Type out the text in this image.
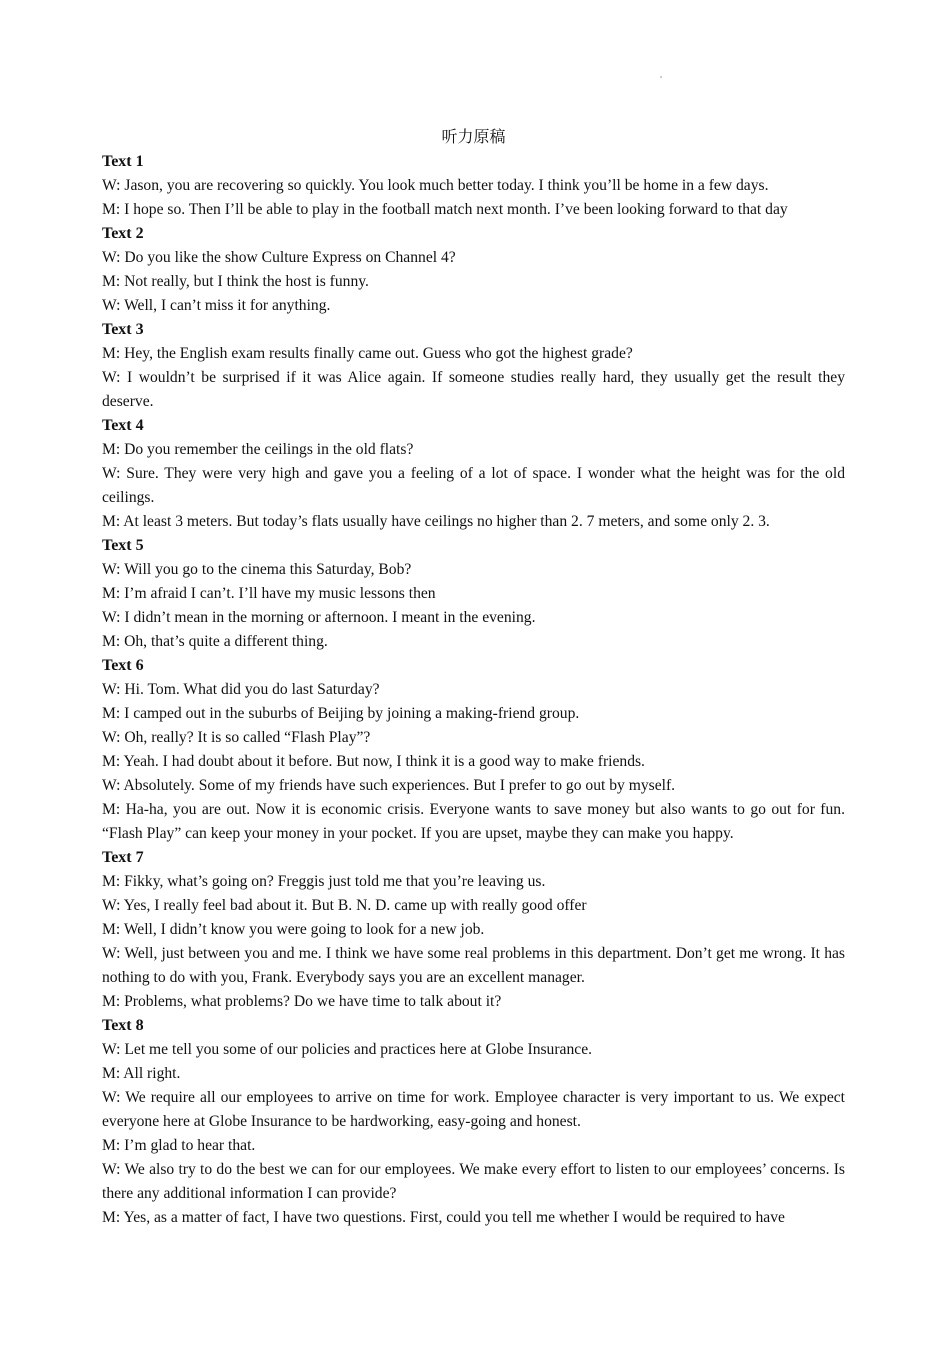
听力原稿

Text 1

W: Jason, you are recovering so quickly. You look much better today. I think you’ll be home in a few days.

M: I hope so. Then I’ll be able to play in the football match next month. I’ve been looking forward to that day

Text 2

W: Do you like the show Culture Express on Channel 4?

M: Not really, but I think the host is funny.

W: Well, I can’t miss it for anything.

Text 3

M: Hey, the English exam results finally came out. Guess who got the highest grade?

W: I wouldn’t be surprised if it was Alice again. If someone studies really hard, they usually get the result they deserve.

Text 4

M: Do you remember the ceilings in the old flats?

W: Sure. They were very high and gave you a feeling of a lot of space. I wonder what the height was for the old ceilings.

M: At least 3 meters. But today’s flats usually have ceilings no higher than 2. 7 meters, and some only 2. 3.

Text 5

W: Will you go to the cinema this Saturday, Bob?

M: I’m afraid I can’t. I’ll have my music lessons then

W: I didn’t mean in the morning or afternoon. I meant in the evening.

M: Oh, that’s quite a different thing.

Text 6

W: Hi. Tom. What did you do last Saturday?

M: I camped out in the suburbs of Beijing by joining a making-friend group.

W: Oh, really? It is so called “Flash Play”?

M: Yeah. I had doubt about it before. But now, I think it is a good way to make friends.

W: Absolutely. Some of my friends have such experiences. But I prefer to go out by myself.

M: Ha-ha, you are out. Now it is economic crisis. Everyone wants to save money but also wants to go out for fun. “Flash Play” can keep your money in your pocket. If you are upset, maybe they can make you happy.

Text 7

M: Fikky, what’s going on? Freggis just told me that you’re leaving us.

W: Yes, I really feel bad about it. But B. N. D. came up with really good offer

M: Well, I didn’t know you were going to look for a new job.

W: Well, just between you and me. I think we have some real problems in this department. Don’t get me wrong. It has nothing to do with you, Frank. Everybody says you are an excellent manager.

M: Problems, what problems? Do we have time to talk about it?

Text 8

W: Let me tell you some of our policies and practices here at Globe Insurance.

M: All right.

W: We require all our employees to arrive on time for work. Employee character is very important to us. We expect everyone here at Globe Insurance to be hardworking, easy-going and honest.

M: I’m glad to hear that.

W: We also try to do the best we can for our employees. We make every effort to listen to our employees’ concerns. Is there any additional information I can provide?

M: Yes, as a matter of fact, I have two questions. First, could you tell me whether I would be required to have
